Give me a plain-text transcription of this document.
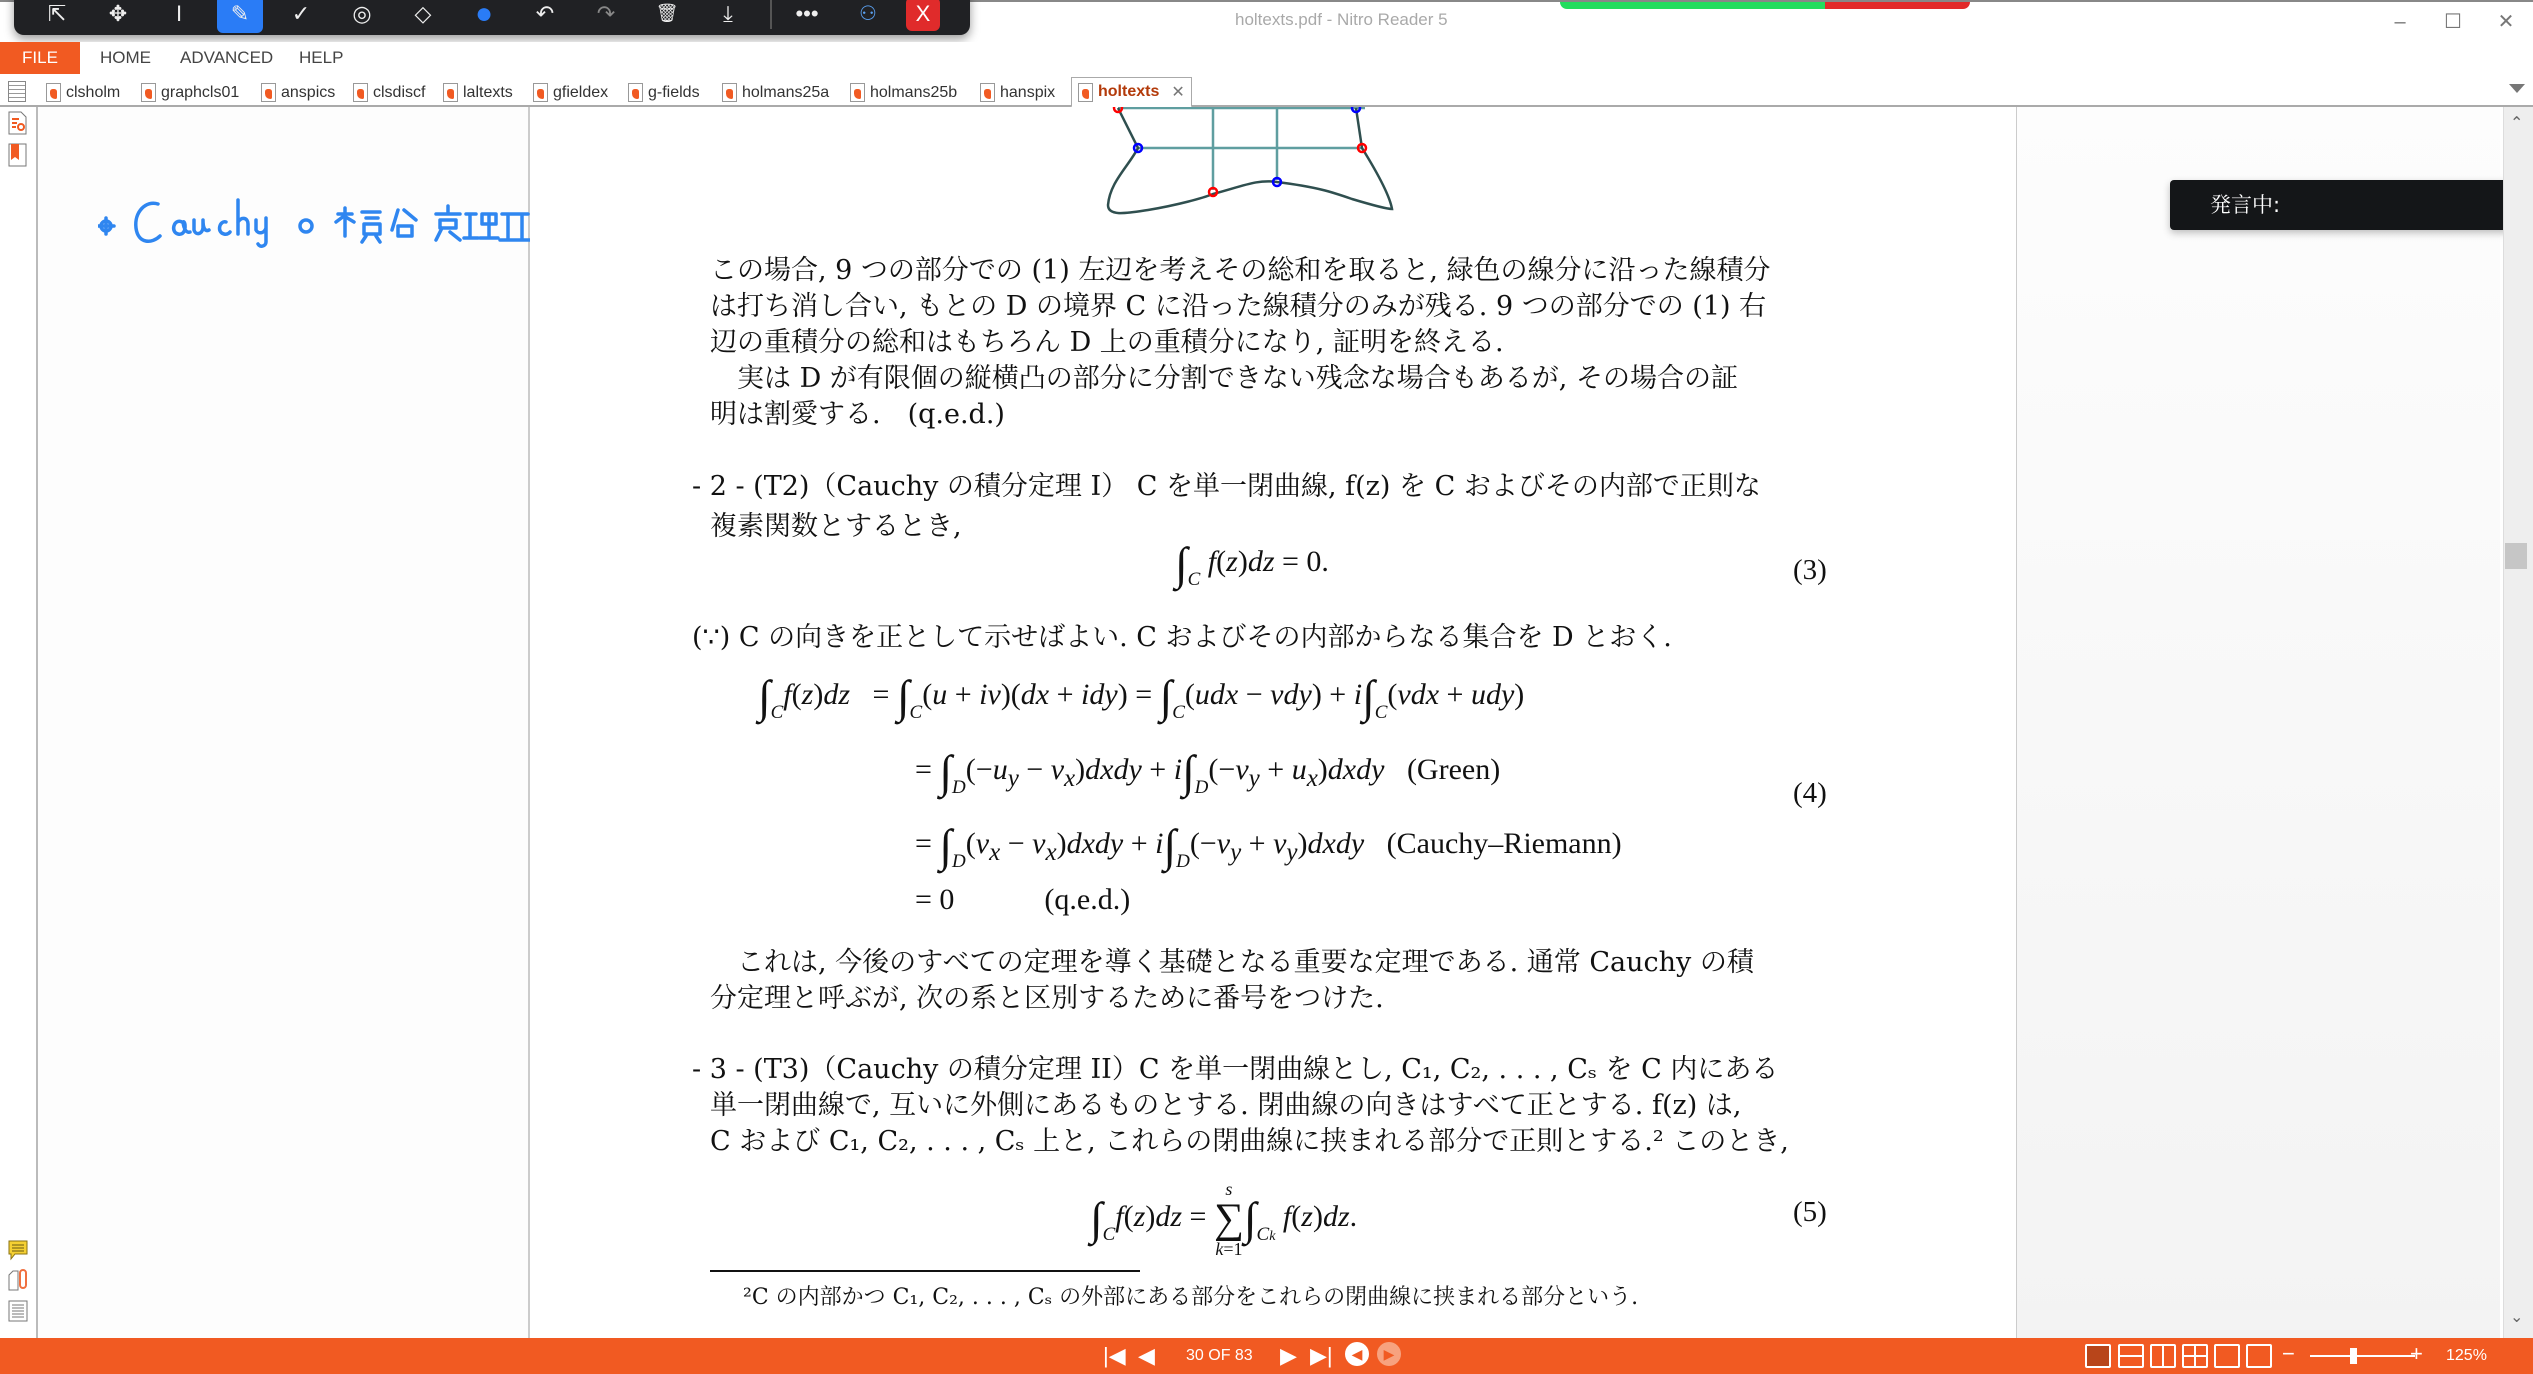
holtexts.pdf - Nitro Reader 5	–	☐	✕
⇱ ✥ I ✎ ✓ ◎ ◇ ● ↶ ↷ 🗑 ⤓	••• ⚇ X
FILE	HOME ADVANCED HELP
clsholm	graphcls01	anspics clsdiscf laltexts	gfieldex g-fields	holmans25a	holmans25b	hanspix	holtexts ✕
この場合, 9 つの部分での (1) 左辺を考えその総和を取ると, 緑色の線分に沿った線積分
は打ち消し合い, もとの D の境界 C に沿った線積分のみが残る. 9 つの部分での (1) 右
辺の重積分の総和はもちろん D 上の重積分になり, 証明を終える.
　実は D が有限個の縦横凸の部分に分割できない残念な場合もあるが, その場合の証
明は割愛する.　(q.e.d.)
- 2 - (T2)（Cauchy の積分定理 I） C を単一閉曲線, f(z) を C およびその内部で正則な
複素関数とするとき,
$\int_C$ f(z)dz = 0.	(3)
(∵) C の向きを正として示せばよい. C およびその内部からなる集合を D とおく.
$\int_Cf(z)dz = \int_C(u + iv)(dx + idy) = \int_C(udx - vdy) + i\int_C(vdx + udy)$
= $\int_D(-u_y$ − $v_x)dxdy + i\int_D(-v_y$ + $u_x)dxdy$   (Green)
= $\int_D(v_x$ − $v_x)dxdy + i\int_D(-v_y$ + $v_y)dxdy$   (Cauchy–Riemann)
= 0            (q.e.d.)
(4)
　これは, 今後のすべての定理を導く基礎となる重要な定理である. 通常 Cauchy の積
分定理と呼ぶが, 次の系と区別するために番号をつけた.
- 3 - (T3)（Cauchy の積分定理 II）C を単一閉曲線とし, C₁, C₂, . . . , Cₛ を C 内にある
単一閉曲線で, 互いに外側にあるものとする. 閉曲線の向きはすべて正とする. f(z) は,
C および C₁, C₂, . . . , Cₛ 上と, これらの閉曲線に挟まれる部分で正則とする.² このとき,
$\int_Cf(z)dz$ =
s
∑
k=1
$\int_{Ck}$ f(z)dz.	(5)
²C の内部かつ C₁, C₂, . . . , Cₛ の外部にある部分をこれらの閉曲線に挟まれる部分という.
発言中:
⌃
⌄
|◀ ◀ 30 OF 83 ▶ ▶|	◀	▶	−	+ 125%
